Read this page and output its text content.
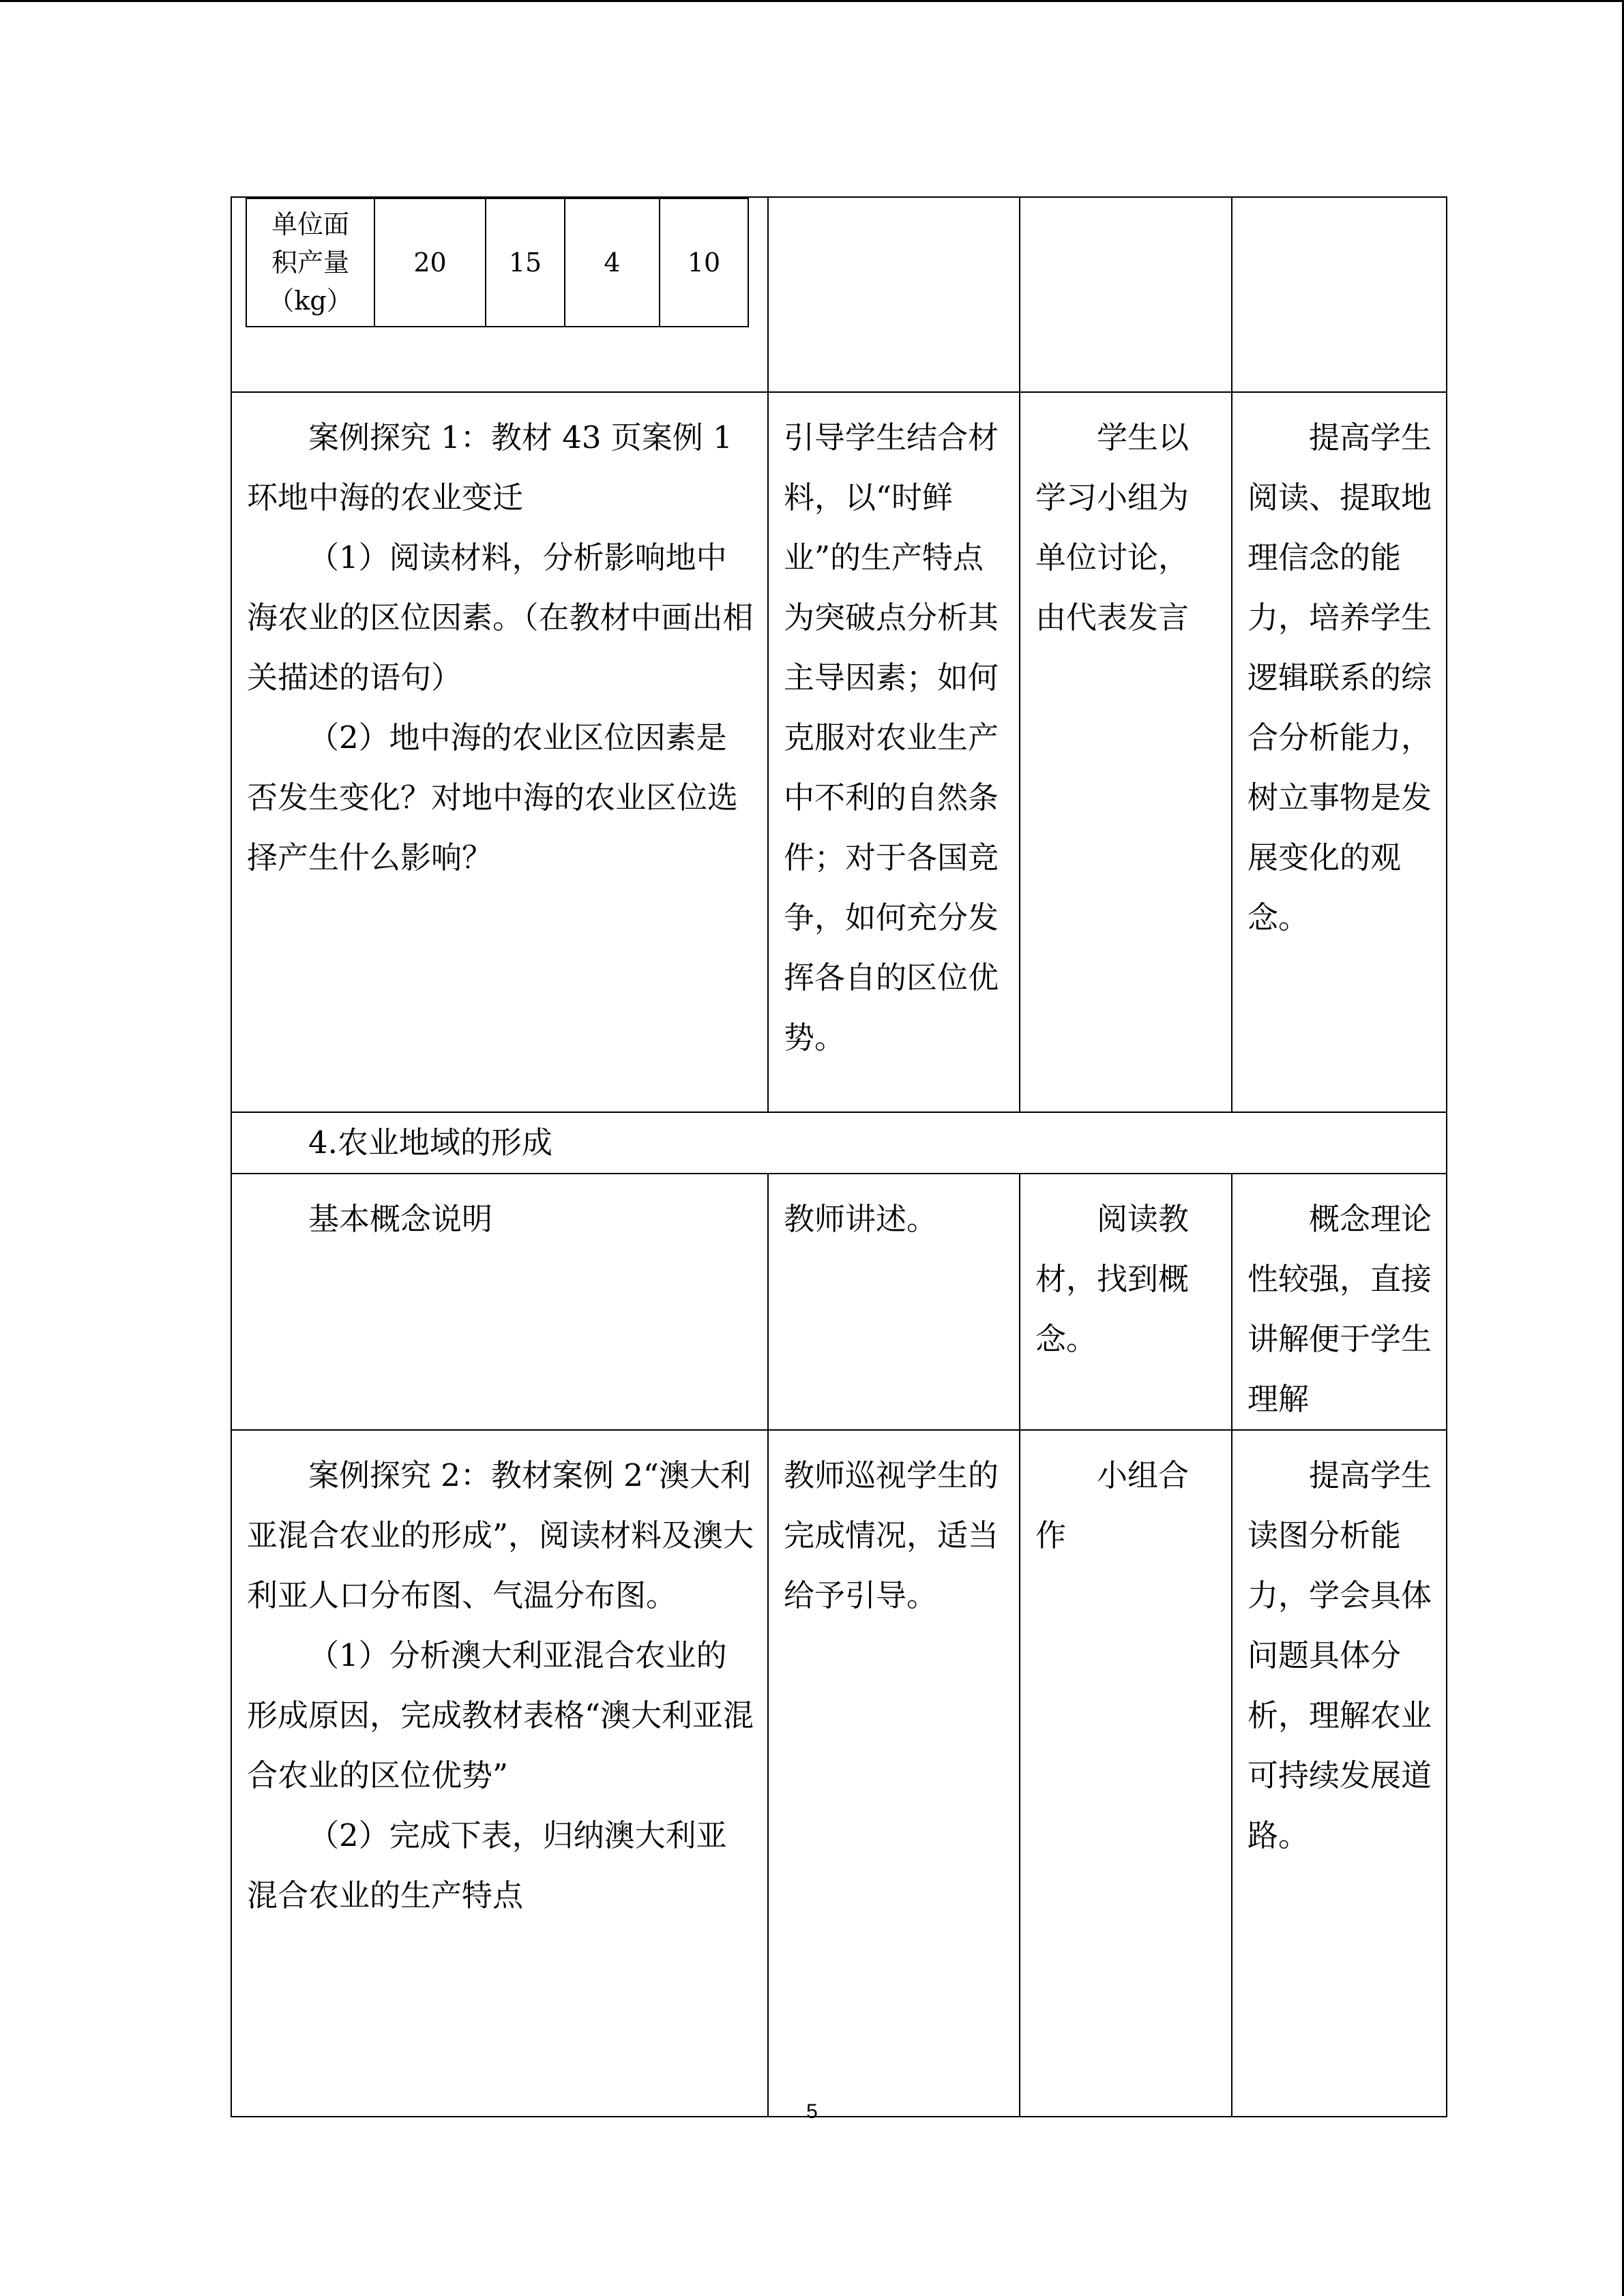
单位面
积产量
（kg）
	20	15	4	10

案例探究 1：教材 43 页案例 1 环地中海的农业变迁

（1）阅读材料，分析影响地中海农业的区位因素。（在教材中画出相关描述的语句）

（2）地中海的农业区位因素是否发生变化？对地中海的农业区位选择产生什么影响？

	引导学生结合材料，以“时鲜业”的生产特点为突破点分析其主导因素；如何克服对农业生产中不利的自然条件；对于各国竞争，如何充分发挥各自的区位优势。	学生以学习小组为单位讨论，由代表发言	提高学生阅读、提取地理信念的能力，培养学生逻辑联系的综合分析能力，树立事物是发展变化的观念。

4.农业地域的形成

基本概念说明	教师讲述。	阅读教材，找到概念。	概念理论性较强，直接讲解便于学生理解

案例探究 2：教材案例 2“澳大利亚混合农业的形成”，阅读材料及澳大利亚人口分布图、气温分布图。

（1）分析澳大利亚混合农业的形成原因，完成教材表格“澳大利亚混合农业的区位优势”

（2）完成下表，归纳澳大利亚混合农业的生产特点

	教师巡视学生的完成情况，适当给予引导。	小组合作	提高学生读图分析能力，学会具体问题具体分析，理解农业可持续发展道路。
5
